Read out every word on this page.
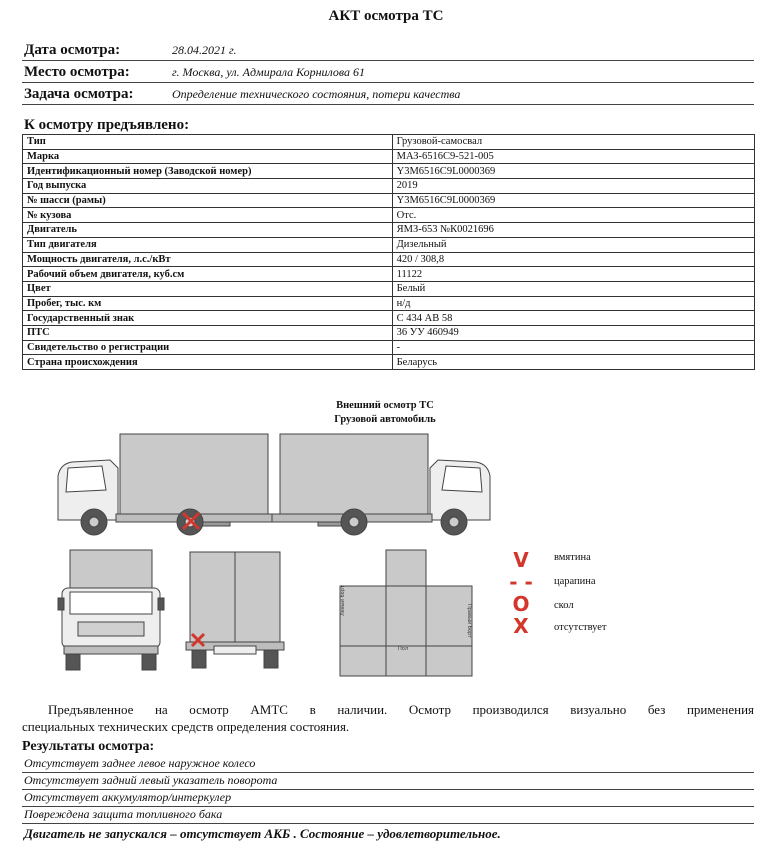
АКТ осмотра ТС
Дата осмотра:	28.04.2021 г.
Место осмотра:	г. Москва, ул. Адмирала Корнилова 61
Задача осмотра:	Определение технического состояния, потери качества
К осмотру предъявлено:
Тип	Грузовой-самосвал
Марка	МАЗ-6516С9-521-005
Идентификационный номер (Заводской номер)	Y3M6516C9L0000369
Год выпуска	2019
№ шасси (рамы)	Y3M6516C9L0000369
№ кузова	Отс.
Двигатель	ЯМЗ-653 №К0021696
Тип двигателя	Дизельный
Мощность двигателя, л.с./кВт	420 / 308,8
Рабочий объем двигателя, куб.см	11122
Цвет	Белый
Пробег, тыс. км	н/д
Государственный знак	С 434 АВ 58
ПТС	36 УУ 460949
Свидетельство о регистрации	-
Страна происхождения	Беларусь
Внешний осмотр ТС
Грузовой автомобиль
Левый борт
Правый борт
Пол
V	вмятина
- - царапина
O	скол
X	отсутствует
Предъявленное на осмотр АМТС в наличии. Осмотр производился визуально без применения
специальных технических средств определения состояния.
Результаты осмотра:
Отсутствует заднее левое наружное колесо
Отсутствует задний левый указатель поворота
Отсутствует аккумулятор/интеркулер
Повреждена защита топливного бака
Двигатель не запускался – отсутствует АКБ . Состояние – удовлетворительное.
